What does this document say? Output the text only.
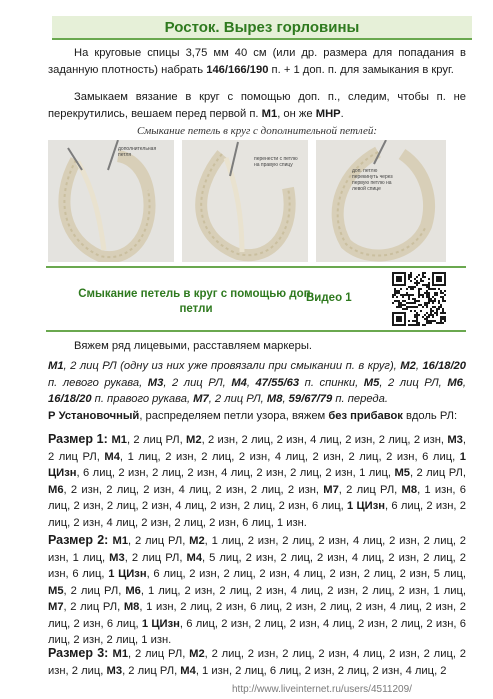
Росток. Вырез горловины
На круговые спицы 3,75 мм 40 см (или др. размера для попадания в заданную плотность) набрать 146/166/190 п. + 1 доп. п. для замыкания в круг.
Замыкаем вязание в круг с помощью доп. п., следим, чтобы п. не перекрутились, вешаем перед первой п. М1, он же МНР.
Смыкание петель в круг с дополнительной петлей:
дополнительная петля
перенести с петлю на правую спицу
доп. петлю перекинуть через первую петлю на левой спице
Смыкание петель в круг с помощью доп. петли
Видео 1
Вяжем ряд лицевыми, расставляем маркеры.
М1, 2 лиц РЛ (одну из них уже провязали при смыкании п. в круг), М2, 16/18/20 п. левого рукава, М3, 2 лиц РЛ, М4, 47/55/63 п. спинки, М5, 2 лиц РЛ, М6, 16/18/20 п. правого рукава, М7, 2 лиц РЛ, М8, 59/67/79 п. переда.
Р Установочный, распределяем петли узора, вяжем без прибавок вдоль РЛ:
Размер 1: М1, 2 лиц РЛ, М2, 2 изн, 2 лиц, 2 изн, 4 лиц, 2 изн, 2 лиц, 2 изн, М3, 2 лиц РЛ, М4, 1 лиц, 2 изн, 2 лиц, 2 изн, 4 лиц, 2 изн, 2 лиц, 2 изн, 6 лиц, 1 ЦИзн, 6 лиц, 2 изн, 2 лиц, 2 изн, 4 лиц, 2 изн, 2 лиц, 2 изн, 1 лиц, М5, 2 лиц РЛ, М6, 2 изн, 2 лиц, 2 изн, 4 лиц, 2 изн, 2 лиц, 2 изн, М7, 2 лиц РЛ, М8, 1 изн, 6 лиц, 2 изн, 2 лиц, 2 изн, 4 лиц, 2 изн, 2 лиц, 2 изн, 6 лиц, 1 ЦИзн, 6 лиц, 2 изн, 2 лиц, 2 изн, 4 лиц, 2 изн, 2 лиц, 2 изн, 6 лиц, 1 изн.
Размер 2: М1, 2 лиц РЛ, М2, 1 лиц, 2 изн, 2 лиц, 2 изн, 4 лиц, 2 изн, 2 лиц, 2 изн, 1 лиц, М3, 2 лиц РЛ, М4, 5 лиц, 2 изн, 2 лиц, 2 изн, 4 лиц, 2 изн, 2 лиц, 2 изн, 6 лиц, 1 ЦИзн, 6 лиц, 2 изн, 2 лиц, 2 изн, 4 лиц, 2 изн, 2 лиц, 2 изн, 5 лиц, М5, 2 лиц РЛ, М6, 1 лиц, 2 изн, 2 лиц, 2 изн, 4 лиц, 2 изн, 2 лиц, 2 изн, 1 лиц, М7, 2 лиц РЛ, М8, 1 изн, 2 лиц, 2 изн, 6 лиц, 2 изн, 2 лиц, 2 изн, 4 лиц, 2 изн, 2 лиц, 2 изн, 6 лиц, 1 ЦИзн, 6 лиц, 2 изн, 2 лиц, 2 изн, 4 лиц, 2 изн, 2 лиц, 2 изн, 6 лиц, 2 изн, 2 лиц, 1 изн.
Размер 3: М1, 2 лиц РЛ, М2, 2 лиц, 2 изн, 2 лиц, 2 изн, 4 лиц, 2 изн, 2 лиц, 2 изн, 2 лиц, М3, 2 лиц РЛ, М4, 1 изн, 2 лиц, 6 лиц, 2 изн, 2 лиц, 2 изн, 4 лиц, 2
http://www.liveinternet.ru/users/4511209/
